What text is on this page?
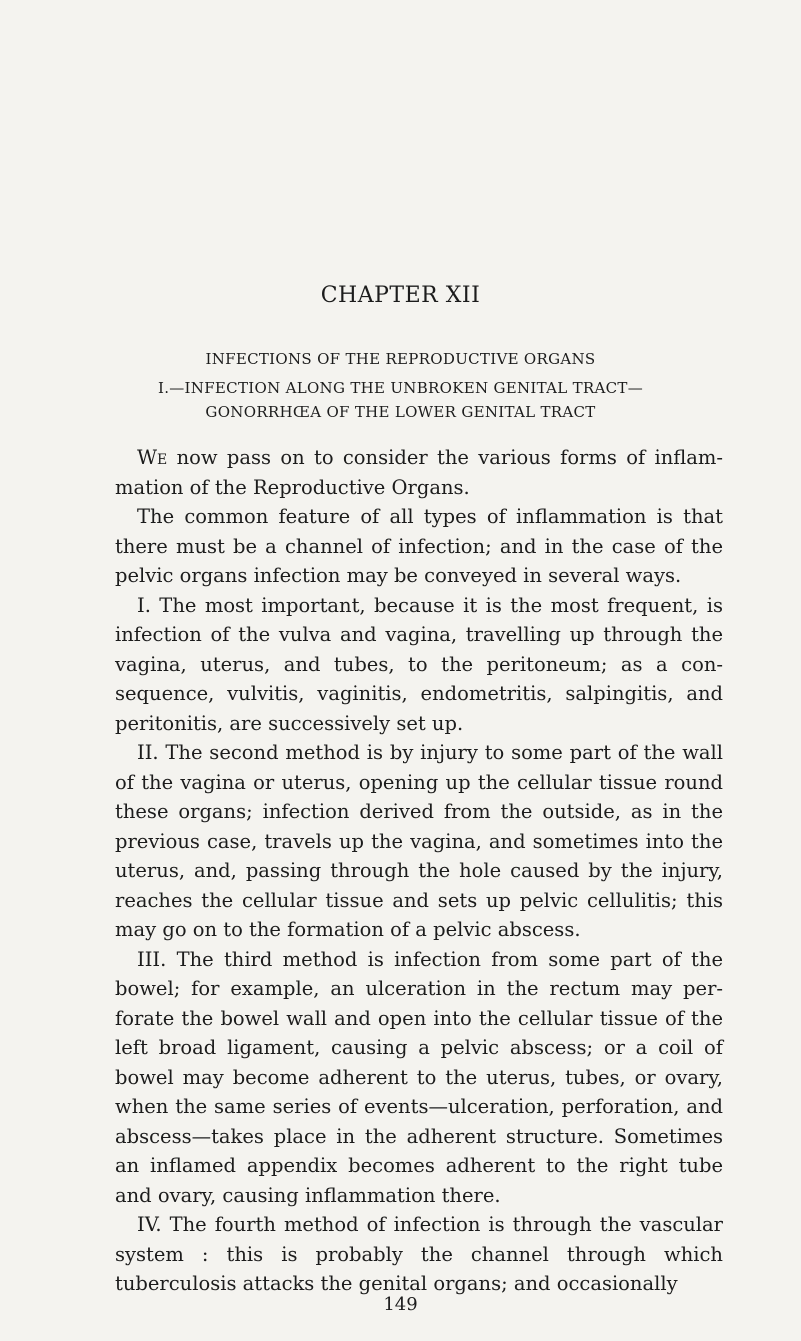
CHAPTER XII
INFECTIONS OF THE REPRODUCTIVE ORGANS
I.—INFECTION ALONG THE UNBROKEN GENITAL TRACT—
GONORRHŒA OF THE LOWER GENITAL TRACT

We now pass on to consider the various forms of inflammation of the Reproductive Organs.

The common feature of all types of inflammation is that there must be a channel of infection; and in the case of the pelvic organs infection may be conveyed in several ways.

I. The most important, because it is the most frequent, is infection of the vulva and vagina, travelling up through the vagina, uterus, and tubes, to the peritoneum; as a consequence, vulvitis, vaginitis, endometritis, salpingitis, and peritonitis, are successively set up.

II. The second method is by injury to some part of the wall of the vagina or uterus, opening up the cellular tissue round these organs; infection derived from the outside, as in the previous case, travels up the vagina, and sometimes into the uterus, and, passing through the hole caused by the injury, reaches the cellular tissue and sets up pelvic cellulitis; this may go on to the formation of a pelvic abscess.

III. The third method is infection from some part of the bowel; for example, an ulceration in the rectum may perforate the bowel wall and open into the cellular tissue of the left broad ligament, causing a pelvic abscess; or a coil of bowel may become adherent to the uterus, tubes, or ovary, when the same series of events—ulceration, perforation, and abscess—takes place in the adherent structure. Sometimes an inflamed appendix becomes adherent to the right tube and ovary, causing inflammation there.

IV. The fourth method of infection is through the vascular system : this is probably the channel through which tuberculosis attacks the genital organs; and occasionally

149
